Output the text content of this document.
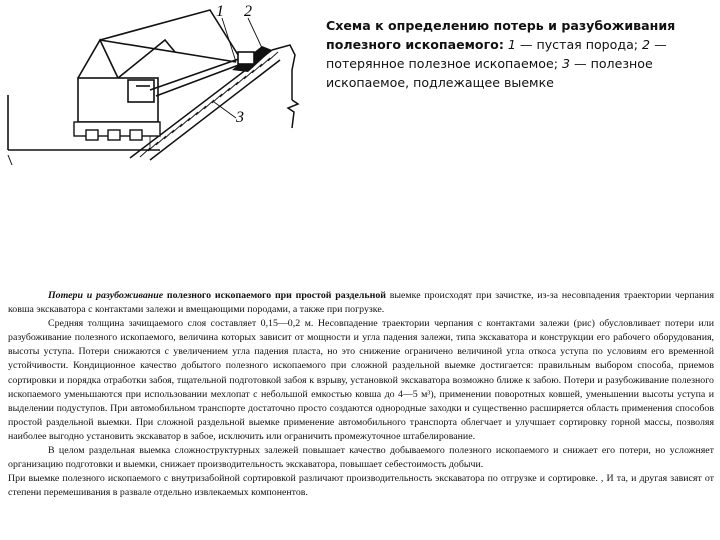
1 2
3
Схема к определению потерь и разубоживания полезного ископаемого: 1 — пустая порода; 2 — потерянное полезное ископаемое; 3 — полезное ископаемое, подлежащее выемке

Потери и разубоживание полезного ископаемого при простой раздельной выемке происходят при зачистке, из-за несовпадения траектории черпания ковша экскаватора с контактами залежи и вмещающими породами, а также при погрузке.

Средняя толщина зачищаемого слоя составляет 0,15—0,2 м. Несовпадение траектории черпания с контактами залежи (рис) обусловливает потери или разубоживание полезного ископаемого, величина которых зависит от мощности и угла падения залежи, типа экскаватора и конструкции его рабочего оборудования, высоты уступа. Потери снижаются с увеличением угла падения пласта, но это снижение ограничено величиной угла откоса уступа по условиям его временной устойчивости. Кондиционное качество добытого полезного ископаемого при сложной раздельной выемке достигается: правильным выбором способа, приемов сортировки и порядка отработки забоя, тщательной подготовкой забоя к взрыву, установкой экскаватора возможно ближе к забою. Потери и разубоживание полезного ископаемого уменьшаются при использовании мехлопат с небольшой емкостью ковша до 4—5 м³), применении поворотных ковшей, уменьшении высоты уступа и выделении подуступов. При автомобильном транспорте достаточно просто создаются однородные заходки и существенно расширяется область применения способов простой раздельной выемки. При сложной раздельной выемке применение автомобильного транспорта облегчает и улучшает сортировку горной массы, позволяя наиболее выгодно установить экскаватор в забое, исключить или ограничить промежуточное штабелирование.

В целом раздельная выемка сложноструктурных залежей повышает качество добываемого полезного ископаемого и снижает его потери, но усложняет организацию подготовки и выемки, снижает производительность экскаватора, повышает себестоимость добычи.

При выемке полезного ископаемого с внутризабойной сортировкой различают производительность экскаватора по отгрузке и сортировке. , И та, и другая зависят от степени перемешивания в развале отдельно извлекаемых компонентов.
